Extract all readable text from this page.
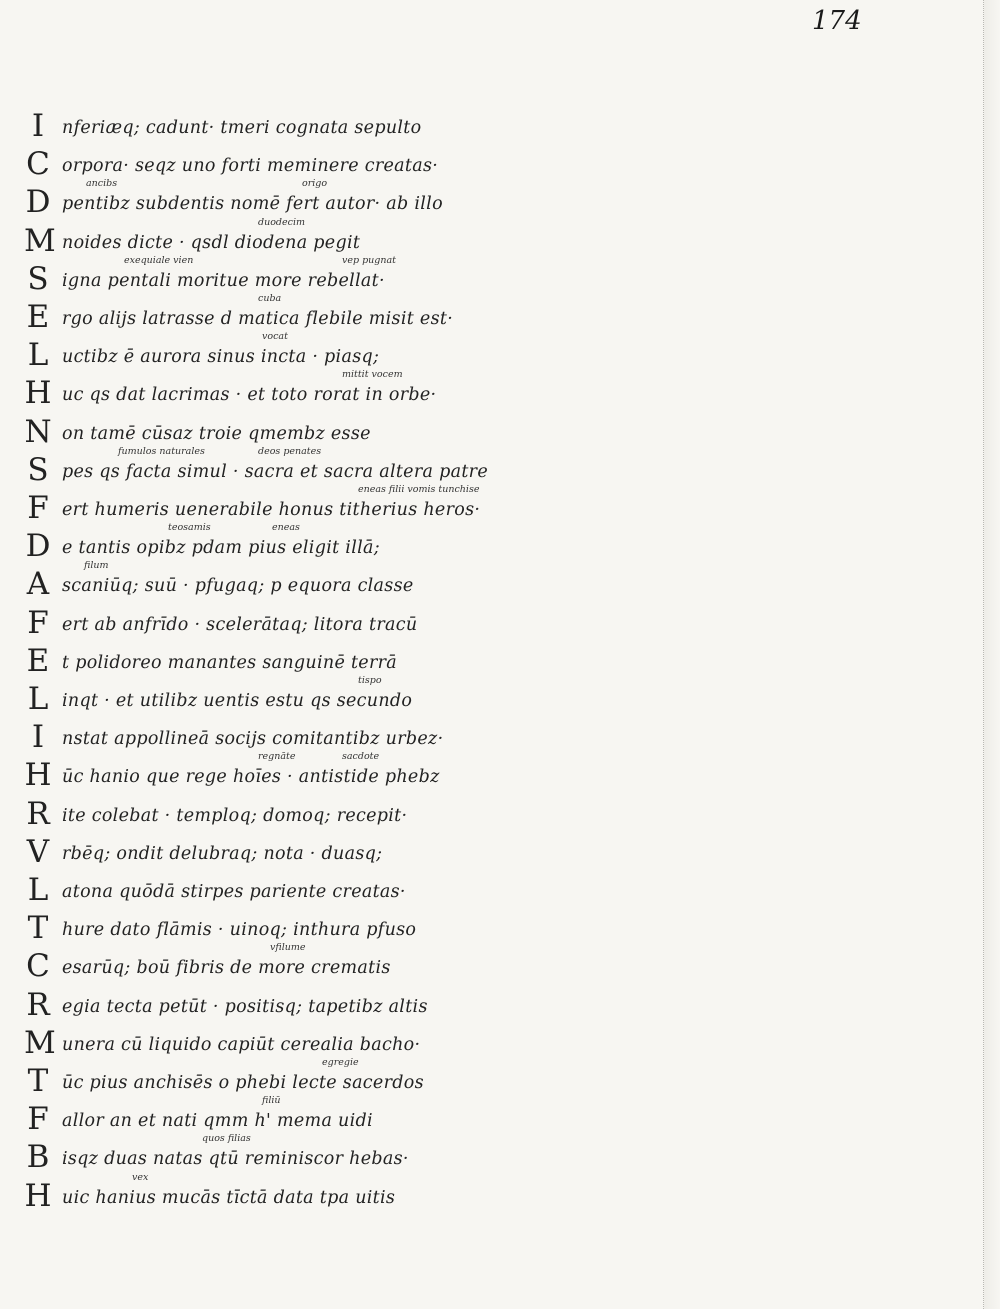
174
I	nferiæq; cadunt· tmeri cognata sepulto
C orpora· seqz uno forti meminere creatas·
D pentibz subdentis nomē fert autor· ab illo
M noides dicte · qsdl diodena pegit
S igna pentali moritue more rebellat·
E rgo alijs latrasse d matica flebile misit est·
L uctibz ē aurora sinus incta · piasq;
H uc qs dat lacrimas · et toto rorat in orbe·
N on tamē cūsaz troie qmembz esse
S pes qs facta simul · sacra et sacra altera patre
F ert humeris uenerabile honus titherius heros·
D e tantis opibz pdam pius eligit illā;
A scaniūq; suū · pfugaq; p equora classe
F ert ab anfrīdo · scelerātaq; litora tracū
E t polidoreo manantes sanguinē terrā
L inqt · et utilibz uentis estu qs secundo
I	nstat appollineā socijs comitantibz urbez·
H ūc hanio que rege hoīes · antistide phebz
R ite colebat · temploq; domoq; recepit·
V rbēq; ondit delubraq; nota · duasq;
L atona quōdā stirpes pariente creatas·
T hure dato flāmis · uinoq; inthura pfuso
C esarūq; boū fibris de more crematis
R egia tecta petūt · positisq; tapetibz altis
M unera cū liquido capiūt cerealia bacho·
T ūc pius anchisēs o phebi lecte sacerdos
F allor an et nati qmm h' mema uidi
B isqz duas natas qtū reminiscor hebas·
H uic hanius mucās tīctā data tpa uitis
ancibs	origo
duodecim
exequiale vien	vep pugnat
cuba
vocat
mittit vocem
fumulos naturales	deos penates
eneas filii vomis tunchise
teosamis	eneas
filum
tispo
regnāte	sacdote
vfilume
egregie
filiū
quos filias
vex
